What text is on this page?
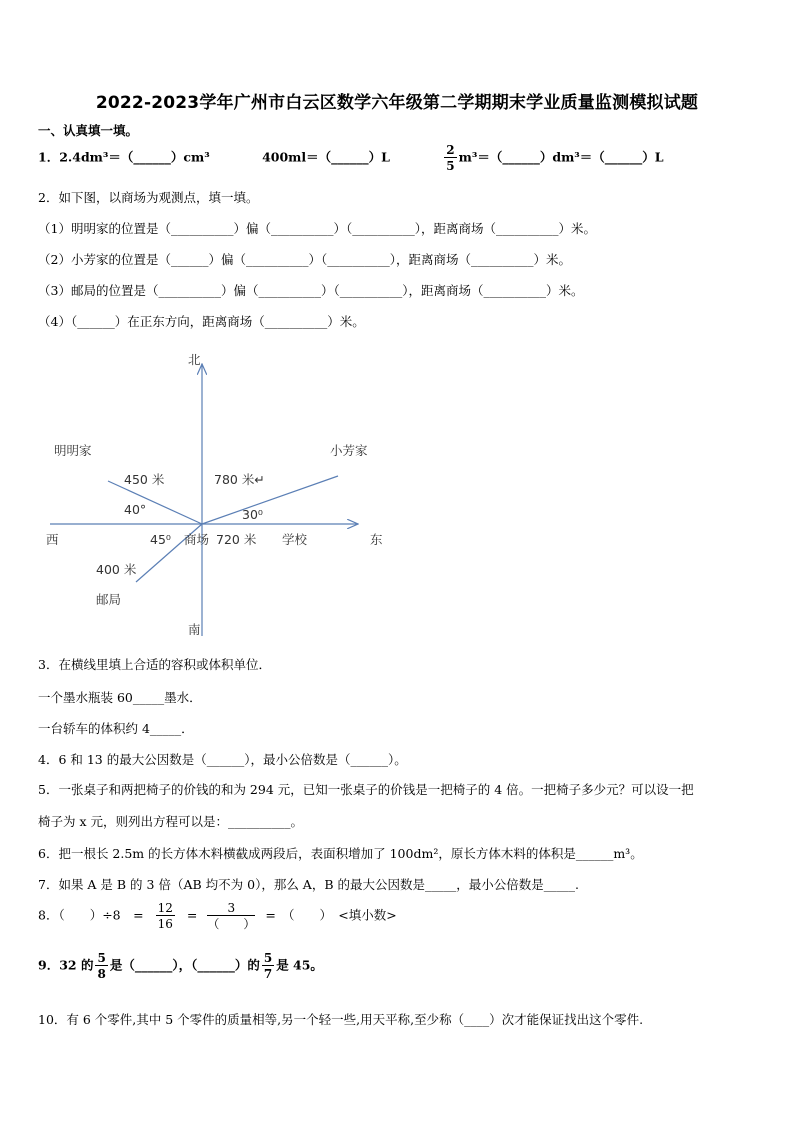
2022-2023学年广州市白云区数学六年级第二学期期末学业质量监测模拟试题
一、认真填一填。
1．2.4dm³＝（______）cm³	400ml＝（______）L	$\frac{2}{5}$ m³＝（______）dm³＝（______）L
2．如下图，以商场为观测点，填一填。
（1）明明家的位置是（__________）偏（__________）（__________），距离商场（__________）米。
（2）小芳家的位置是（______）偏（__________）（__________），距离商场（__________）米。
（3）邮局的位置是（__________）偏（__________）（__________），距离商场（__________）米。
（4）（______）在正东方向，距离商场（__________）米。
北
南
西	东
明明家	小芳家
450 米	780 米↵
40°	30⁰
45⁰ 商场 720 米 学校
400 米
邮局
3．在横线里填上合适的容积或体积单位．
一个墨水瓶装 60_____墨水．
一台轿车的体积约 4_____．
4．6 和 13 的最大公因数是（______），最小公倍数是（______）。
5．一张桌子和两把椅子的价钱的和为 294 元，已知一张桌子的价钱是一把椅子的 4 倍。一把椅子多少元？可以设一把
椅子为 x 元，则列出方程可以是：__________。
6．把一根长 2.5m 的长方体木料横截成两段后，表面积增加了 100dm²，原长方体木料的体积是______m³。
7．如果 A 是 B 的 3 倍（AB 均不为 0），那么 A，B 的最大公因数是_____，最小公倍数是_____.
8．（　　）÷8　= $\frac{12}{16} = \frac{3}{( )}$ =　（　　）　<填小数>
9．32 的 $\frac{5}{8}$ 是（______），（______）的 $\frac{5}{7}$ 是 45。
10．有 6 个零件,其中 5 个零件的质量相等,另一个轻一些,用天平称,至少称（____）次才能保证找出这个零件.
